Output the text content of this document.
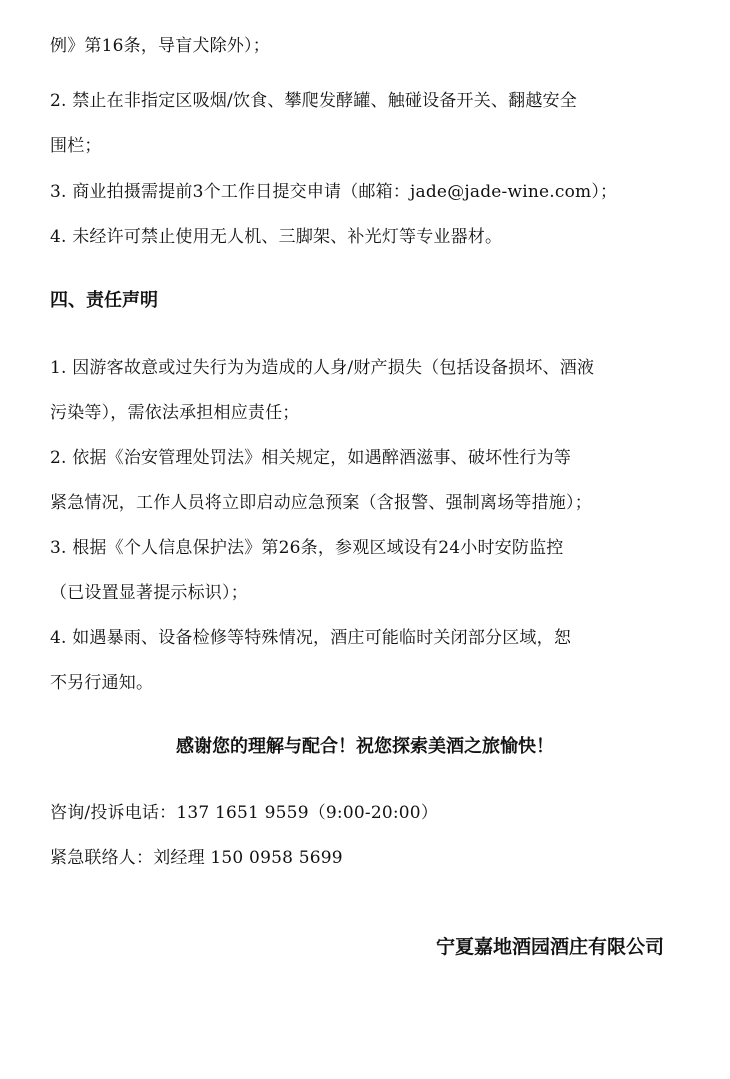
例》第16条，导盲犬除外）；
2. 禁止在非指定区吸烟/饮食、攀爬发酵罐、触碰设备开关、翻越安全
围栏；
3. 商业拍摄需提前3个工作日提交申请（邮箱：jade@jade-wine.com）；
4. 未经许可禁止使用无人机、三脚架、补光灯等专业器材。
四、责任声明
1. 因游客故意或过失行为为造成的人身/财产损失（包括设备损坏、酒液
污染等），需依法承担相应责任；
2. 依据《治安管理处罚法》相关规定，如遇醉酒滋事、破坏性行为等
紧急情况，工作人员将立即启动应急预案（含报警、强制离场等措施）；
3. 根据《个人信息保护法》第26条，参观区域设有24小时安防监控
（已设置显著提示标识）；
4. 如遇暴雨、设备检修等特殊情况，酒庄可能临时关闭部分区域，恕
不另行通知。
感谢您的理解与配合！祝您探索美酒之旅愉快！
咨询/投诉电话：137 1651 9559（9:00-20:00）
紧急联络人：刘经理 150 0958 5699
宁夏嘉地酒园酒庄有限公司
